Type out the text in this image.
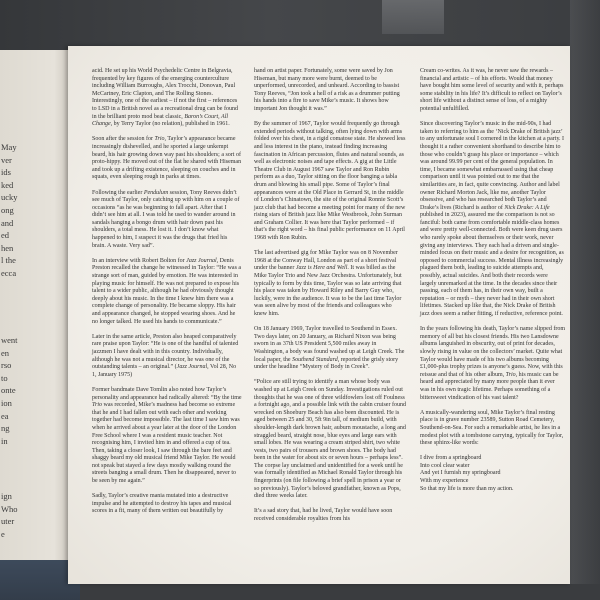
May
ver
ids
ked
ucky
ong
and
ed
hen
l the
ecca
went
en
rso
to
onte
ion
ea
ng
in
ign
Who
uter
e

acid. He set up his World Psychedelic Centre in Belgravia, frequented by key figures of the emerging counterculture including William Burroughs, Alex Trocchi, Donovan, Paul McCartney, Eric Clapton, and The Rolling Stones. Interestingly, one of the earliest – if not the first – references to LSD in a British novel as a recreational drug can be found in the brilliant proto mod beat classic, Baron’s Court, All Change, by Terry Taylor (no relation), published in 1961.

Soon after the session for Trio, Taylor’s appearance became increasingly dishevelled, and he sported a large unkempt beard, his hair growing down way past his shoulders; a sort of proto-hippy. He moved out of the flat he shared with Hiseman and took up a drifting existence, sleeping on couches and in squats, even sleeping rough in parks at times.

Following the earlier Pendulum session, Tony Reeves didn’t see much of Taylor, only catching up with him on a couple of occasions “as he was beginning to fall apart. After that I didn’t see him at all. I was told he used to wander around in sandals hanging a bongo drum with hair down past his shoulders, a total mess. He lost it. I don’t know what happened to him, I suspect it was the drugs that fried his brain. A waste. Very sad”.

In an interview with Robert Bolton for Jazz Journal, Denis Preston recalled the change he witnessed in Taylor: “He was a strange sort of man, guided by emotion. He was interested in playing music for himself. He was not prepared to expose his talent to a wider public, although he had obviously thought deeply about his music. In the time I knew him there was a complete change of personality. He became sloppy. His hair and appearance changed, he stopped wearing shoes. And he no longer talked. He used his hands to communicate.”

Later in the same article, Preston also heaped comparatively rare praise upon Taylor: “He is one of the handful of talented jazzmen I have dealt with in this country. Individually, although he was not a musical director, he was one of the outstanding talents – an original.” (Jazz Journal, Vol 28, No 1, January 1975)

Former bandmate Dave Tomlin also noted how Taylor’s personality and appearance had radically altered: “By the time Trio was recorded, Mike’s madness had become so extreme that he and I had fallen out with each other and working together had become impossible. The last time I saw him was when he arrived about a year later at the door of the London Free School where I was a resident music teacher. Not recognising him, I invited him in and offered a cup of tea. Then, taking a closer look, I saw through the bare feet and shaggy beard my old musical friend Mike Taylor. He would not speak but stayed a few days mostly walking round the streets banging a small drum. Then he disappeared, never to be seen by me again.”

Sadly, Taylor’s creative mania mutated into a destructive impulse and he attempted to destroy his tapes and musical scores in a fit, many of them written out beautifully by

hand on artist paper. Fortunately, some were saved by Jon Hiseman, but many more were burnt, deemed to be unperformed, unrecorded, and unheard. According to bassist Tony Reeves, “Jon took a hell of a risk as a drummer putting his hands into a fire to save Mike’s music. It shows how important Jon thought it was.”

By the summer of 1967, Taylor would frequently go through extended periods without talking, often lying down with arms folded over his chest, in a rigid comatose state. He showed less and less interest in the piano, instead finding increasing fascination in African percussion, flutes and natural sounds, as well as electronic noises and tape effects. A gig at the Little Theatre Club in August 1967 saw Taylor and Ron Rubin perform as a duo, Taylor sitting on the floor banging a tabla drum and blowing his small pipe. Some of Taylor’s final appearances were at the Old Place in Gerrard St, in the middle of London’s Chinatown, the site of the original Ronnie Scott’s jazz club that had become a meeting point for many of the new rising stars of British jazz like Mike Westbrook, John Surman and Graham Collier. It was here that Taylor performed – if that’s the right word – his final public performance on 11 April 1968 with Ron Rubin.

The last advertised gig for Mike Taylor was on 8 November 1968 at the Conway Hall, London as part of a short festival under the banner Jazz is Here and Well. It was billed as the Mike Taylor Trio and New Jazz Orchestra. Unfortunately, but typically to form by this time, Taylor was so late arriving that his place was taken by Howard Riley and Barry Guy who, luckily, were in the audience. It was to be the last time Taylor was seen alive by most of the friends and colleagues who knew him.

On 18 January 1969, Taylor travelled to Southend in Essex. Two days later, on 20 January, as Richard Nixon was being sworn in as 37th US President 5,500 miles away in Washington, a body was found washed up at Leigh Creek. The local paper, the Southend Standard, reported the grisly story under the headline “Mystery of Body in Creek”.

“Police are still trying to identify a man whose body was washed up at Leigh Creek on Sunday. Investigations ruled out thoughts that he was one of three wildfowlers lost off Foulness a fortnight ago, and a possible link with the cabin cruiser found wrecked on Shoebury Beach has also been discounted. He is aged between 25 and 30, 5ft 9in tall, of medium build, with shoulder-length dark brown hair, auburn moustache, a long and straggled beard, straight nose, blue eyes and large ears with small lobes. He was wearing a cream striped shirt, two white vests, two pairs of trousers and brown shoes. The body had been in the water for about six or seven hours – perhaps less”. The corpse lay unclaimed and unidentified for a week until he was formally identified as Michael Ronald Taylor through his fingerprints (on file following a brief spell in prison a year or so previously). Taylor’s beloved grandfather, known as Pops, died three weeks later.

It’s a sad story that, had he lived, Taylor would have soon received considerable royalties from his

Cream co-writes. As it was, he never saw the rewards – financial and artistic – of his efforts. Would that money have bought him some level of security and with it, perhaps some stability in his life? It’s difficult to reflect on Taylor’s short life without a distinct sense of loss, of a mighty potential unfulfilled.

Since discovering Taylor’s music in the mid-90s, I had taken to referring to him as the ‘Nick Drake of British jazz’ to any unfortunate soul I cornered in the kitchen at a party. I thought it a rather convenient shorthand to describe him to those who couldn’t grasp his place or importance – which was around 99.99 per cent of the general population. In time, I became somewhat embarrassed using that cheap comparison until it was pointed out to me that the similarities are, in fact, quite convincing. Author and label owner Richard Morton Jack, like me, another Taylor obsessive, and who has researched both Taylor’s and Drake’s lives (Richard is author of Nick Drake: A Life published in 2023), assured me the comparison is not so fanciful: both came from comfortable middle-class homes and were pretty well-connected. Both were keen drug users who rarely spoke about themselves or their work, never giving any interviews. They each had a driven and single-minded focus on their music and a desire for recognition, as opposed to commercial success. Mental illness increasingly plagued them both, leading to suicide attempts and, possibly, actual suicides. And both their records were largely unremarked at the time. In the decades since their passing, each of them has, in their own way, built a reputation – or myth – they never had in their own short lifetimes. Stacked up like that, the Nick Drake of British jazz does seem a rather fitting, if reductive, reference point.

In the years following his death, Taylor’s name slipped from memory of all but his closest friends. His two Lansdowne albums languished in obscurity, out of print for decades, slowly rising in value on the collectors’ market. Quite what Taylor would have made of his two albums becoming £1,000-plus trophy prizes is anyone’s guess. Now, with this reissue and that of his other album, Trio, his music can be heard and appreciated by many more people than it ever was in his own tragic lifetime. Perhaps something of a bittersweet vindication of his vast talent?

A musically-wandering soul, Mike Taylor’s final resting place is in grave number 23589, Sutton Road Cemetery, Southend-on-Sea. For such a remarkable artist, he lies in a modest plot with a tombstone carrying, typically for Taylor, these sphinx-like words:

I dive from a springboard
Into cool clear water
And yet I furnish my springboard
With my experience
So that my life is more than my action.
